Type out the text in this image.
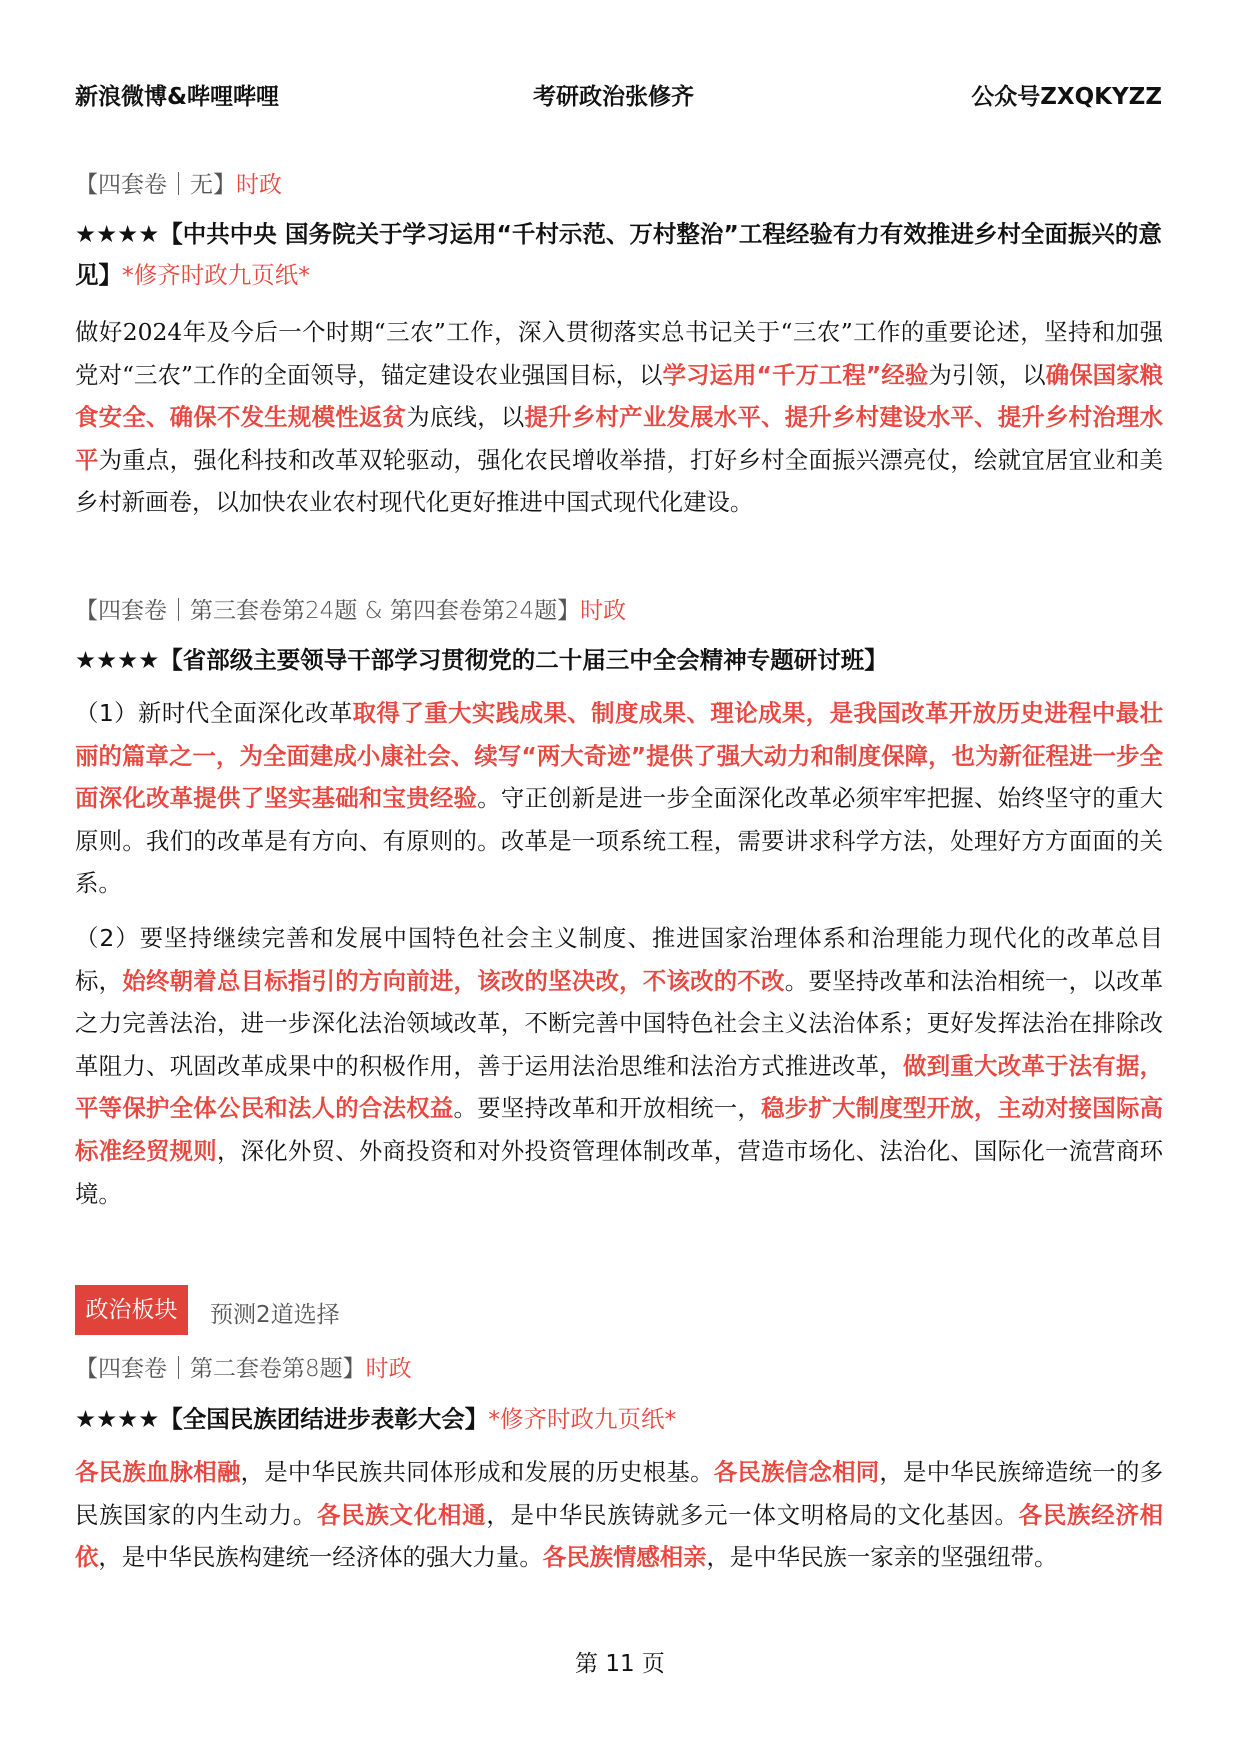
新浪微博&哔哩哔哩	考研政治张修齐	公众号ZXQKYZZ
【四套卷｜无】时政
★★★★【中共中央 国务院关于学习运用“千村示范、万村整治”工程经验有力有效推进乡村全面振兴的意见】*修齐时政九页纸*
做好2024年及今后一个时期“三农”工作，深入贯彻落实总书记关于“三农”工作的重要论述，坚持和加强党对“三农”工作的全面领导，锚定建设农业强国目标，以学习运用“千万工程”经验为引领，以确保国家粮食安全、确保不发生规模性返贫为底线，以提升乡村产业发展水平、提升乡村建设水平、提升乡村治理水平为重点，强化科技和改革双轮驱动，强化农民增收举措，打好乡村全面振兴漂亮仗，绘就宜居宜业和美乡村新画卷，以加快农业农村现代化更好推进中国式现代化建设。
【四套卷｜第三套卷第24题 & 第四套卷第24题】时政
★★★★【省部级主要领导干部学习贯彻党的二十届三中全会精神专题研讨班】
（1）新时代全面深化改革取得了重大实践成果、制度成果、理论成果，是我国改革开放历史进程中最壮丽的篇章之一，为全面建成小康社会、续写“两大奇迹”提供了强大动力和制度保障，也为新征程进一步全面深化改革提供了坚实基础和宝贵经验。守正创新是进一步全面深化改革必须牢牢把握、始终坚守的重大原则。我们的改革是有方向、有原则的。改革是一项系统工程，需要讲求科学方法，处理好方方面面的关系。
（2）要坚持继续完善和发展中国特色社会主义制度、推进国家治理体系和治理能力现代化的改革总目标，始终朝着总目标指引的方向前进，该改的坚决改，不该改的不改。要坚持改革和法治相统一，以改革之力完善法治，进一步深化法治领域改革，不断完善中国特色社会主义法治体系；更好发挥法治在排除改革阻力、巩固改革成果中的积极作用，善于运用法治思维和法治方式推进改革，做到重大改革于法有据，平等保护全体公民和法人的合法权益。要坚持改革和开放相统一，稳步扩大制度型开放，主动对接国际高标准经贸规则，深化外贸、外商投资和对外投资管理体制改革，营造市场化、法治化、国际化一流营商环境。
政治板块	预测2道选择
【四套卷｜第二套卷第8题】时政
★★★★【全国民族团结进步表彰大会】*修齐时政九页纸*
各民族血脉相融，是中华民族共同体形成和发展的历史根基。各民族信念相同，是中华民族缔造统一的多民族国家的内生动力。各民族文化相通，是中华民族铸就多元一体文明格局的文化基因。各民族经济相依，是中华民族构建统一经济体的强大力量。各民族情感相亲，是中华民族一家亲的坚强纽带。
第 11 页
